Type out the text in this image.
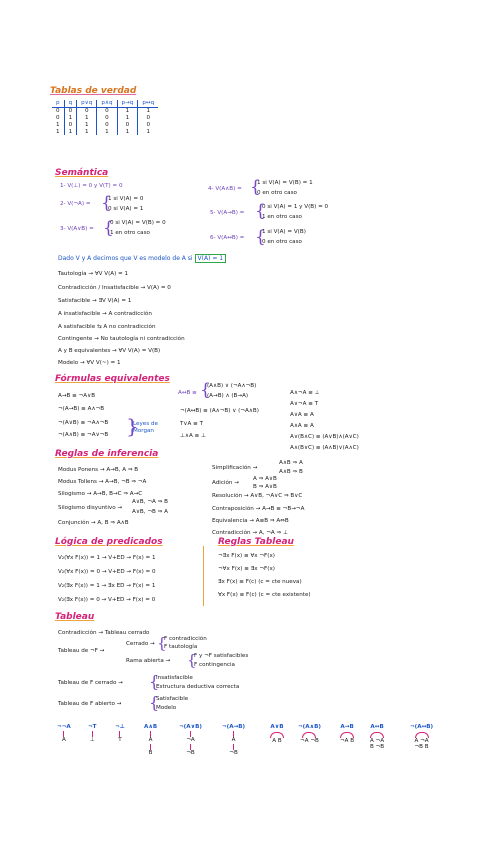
Tablas de verdad
p	q	p∨q	p∧q	p→q	p↔q
0	0	0	0	1	1
0	1	1	0	1	0
1	0	1	0	0	0
1	1	1	1	1	1
Semántica
1- V(⊥) = 0 y V(T) = 0
2- V(¬A) = {
1 si V(A) = 0
0 si V(A) = 1
3- V(A∨B) = {
0 si V(A) = V(B) = 0
1 en otro caso
4- V(A∧B) = {
1 si V(A) = V(B) = 1
0 en otro caso
5- V(A→B) = {
0 si V(A) = 1 y V(B) = 0
1 en otro caso
6- V(A↔B) = {
1 si V(A) = V(B)
0 en otro caso
Dado V y A decimos que V es modelo de A si V(A) = 1
Tautología → ∀V V(A) = 1
Contradicción / Insatisfacible → V(A) = 0
Satisfacible → ∃V V(A) = 1
A insatisfacible → A contradicción
A satisfacible ⇆ A no contradicción
Contingente → No tautología ni contradicción
A y B equivalentes → ∀V V(A) = V(B)
Modelo → ∀V V(~) = 1
Fórmulas equivalentes
A→B ≡ ¬A∨B
¬(A→B) ≡ A∧¬B
¬(A∨B) ≡ ¬A∧¬B
¬(A∧B) ≡ ¬A∨¬B }
Leyes de Morgan
A↔B ≡ {
(A∧B) ∨ (¬A∧¬B)
(A→B) ∧ (B→A)
¬(A↔B) ≡ (A∧¬B) ∨ (¬A∧B)
T∨A ≡ T
⊥∧A ≡ ⊥
A∧¬A ≡ ⊥
A∨¬A ≡ T
A∨A ≡ A
A∧A ≡ A
A∨(B∧C) ≡ (A∨B)∧(A∨C)
A∧(B∨C) ≡ (A∧B)∨(A∧C)
Reglas de inferencia
Modus Ponens → A→B, A ⇒ B
Modus Tollens → A→B, ¬B ⇒ ¬A
Silogismo → A→B, B→C ⇒ A→C
Silogismo disyuntivo →
A∨B, ¬A ⇒ B
A∨B, ¬B ⇒ A
Conjunción → A, B ⇒ A∧B
Simplificación →
A∧B ⇒ A
A∧B ⇒ B
Adición →
A ⇒ A∨B
B ⇒ A∨B
Resolución → A∨B, ¬A∨C ⇒ B∨C
Contraposición → A→B ≡ ¬B→¬A
Equivalencia → A≡B ⇒ A⇔B
Contradicción → A, ¬A ⇒ ⊥
Lógica de predicados
V₂(∀x F(x)) = 1 → V+ED → F(x) = 1
V₂(∀x F(x)) = 0 → V+ED → F(x) = 0
V₂(∃x F(x)) = 1 → ∃x ED → F(x) = 1
V₂(∃x F(x)) = 0 → V+ED → F(x) = 0
Reglas Tableau
¬∃x F(x) ≡ ∀x ¬F(x)
¬∀x F(x) ≡ ∃x ¬F(x)
∃x F(x) ≡ F(c) (c = cte nueva)
∀x F(x) ≡ F(c) (c = cte existente)
Tableau
Contradicción → Tableau cerrado
Tableau de ¬F →
Cerrado → {
F contradicción
F tautología
Rama abierta → {
F y ¬F satisfacibles
F contingencia
Tableau de F cerrado → {
Insatisfacible
Estructura deductiva correcta
Tableau de F abierto → {
Satisfacible
Modelo
¬¬A
A
¬T
⊥
¬⊥
T
A∧B
A
B
¬(A∨B)
¬A
¬B
¬(A→B)
A
¬B
A∨B
A B
¬(A∧B)
¬A ¬B
A→B
¬A B
A↔B
A ¬A
B ¬B
¬(A↔B)
A ¬A
¬B B
